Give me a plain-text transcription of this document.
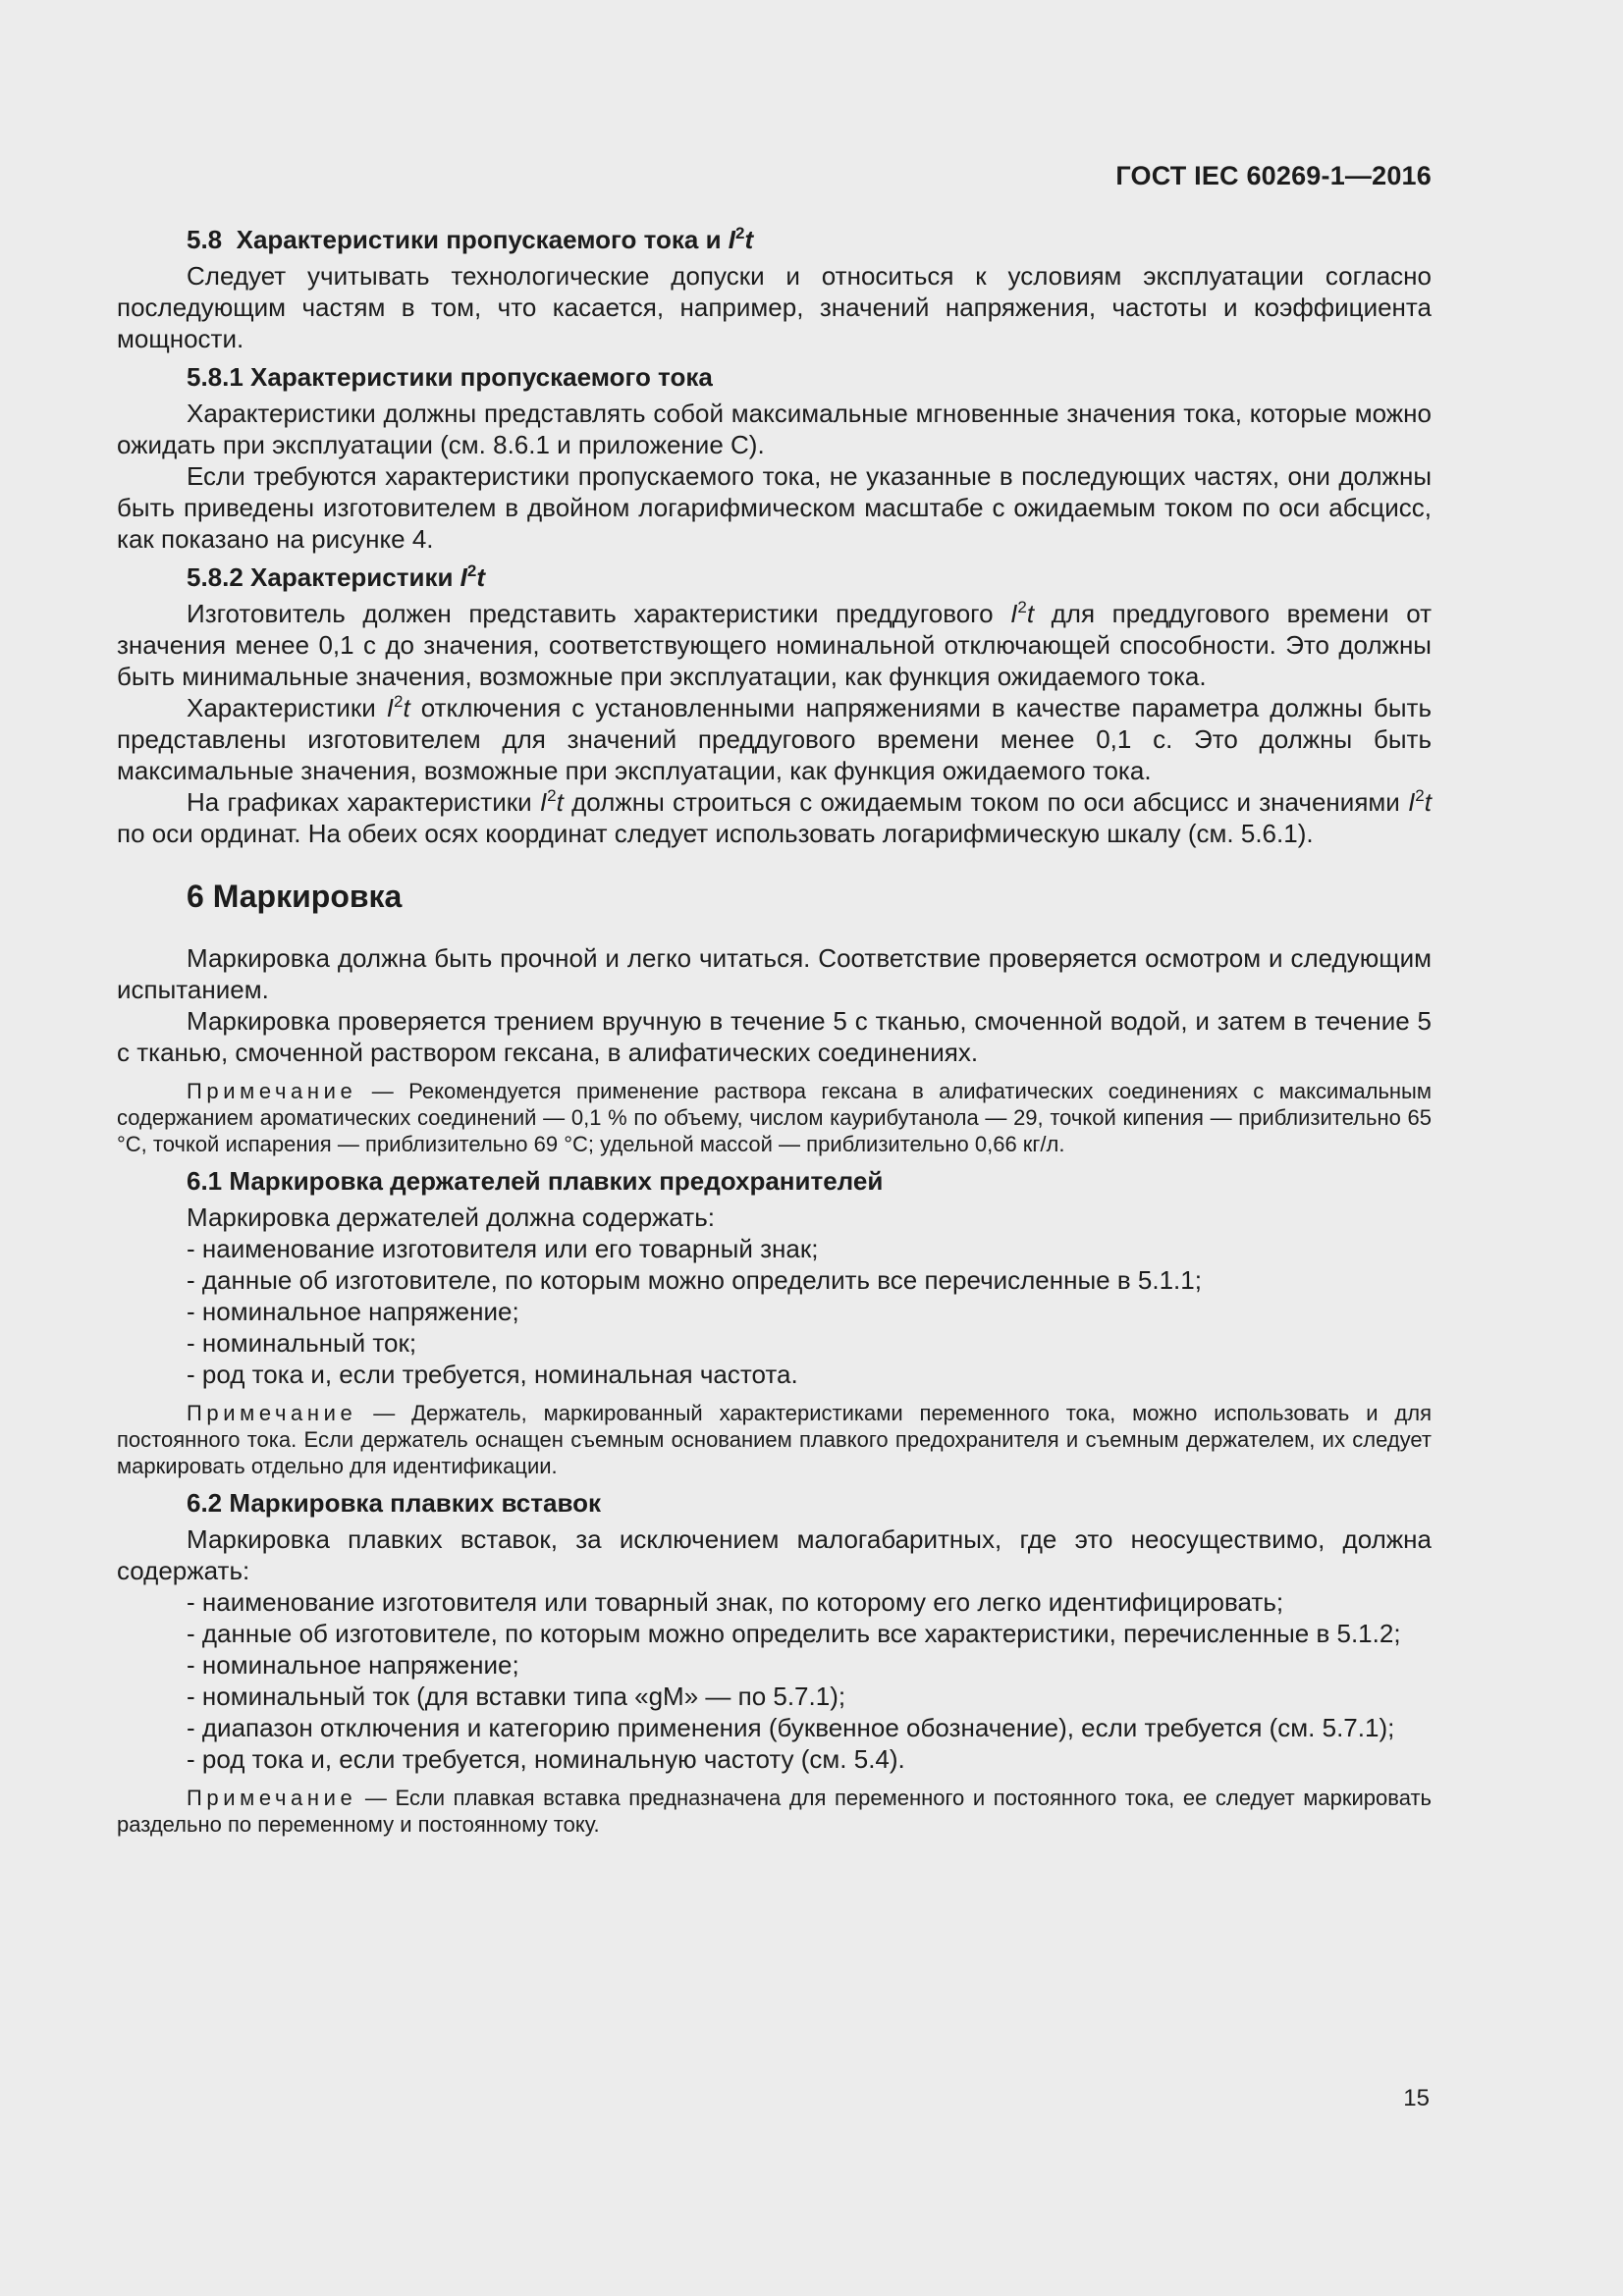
ГОСТ IEC 60269-1—2016
5.8 Характеристики пропускаемого тока и $I^2t$

Следует учитывать технологические допуски и относиться к условиям эксплуатации согласно последующим частям в том, что касается, например, значений напряжения, частоты и коэффициента мощности.

5.8.1 Характеристики пропускаемого тока

Характеристики должны представлять собой максимальные мгновенные значения тока, которые можно ожидать при эксплуатации (см. 8.6.1 и приложение С).

Если требуются характеристики пропускаемого тока, не указанные в последующих частях, они должны быть приведены изготовителем в двойном логарифмическом масштабе с ожидаемым током по оси абсцисс, как показано на рисунке 4.

5.8.2 Характеристики $I^2t$

Изготовитель должен представить характеристики преддугового $I^2t$ для преддугового времени от значения менее 0,1 с до значения, соответствующего номинальной отключающей способности. Это должны быть минимальные значения, возможные при эксплуатации, как функция ожидаемого тока.

Характеристики $I^2t$ отключения с установленными напряжениями в качестве параметра должны быть представлены изготовителем для значений преддугового времени менее 0,1 с. Это должны быть максимальные значения, возможные при эксплуатации, как функция ожидаемого тока.

На графиках характеристики $I^2t$ должны строиться с ожидаемым током по оси абсцисс и значениями $I^2t$ по оси ординат. На обеих осях координат следует использовать логарифмическую шкалу (см. 5.6.1).

6 Маркировка

Маркировка должна быть прочной и легко читаться. Соответствие проверяется осмотром и следующим испытанием.

Маркировка проверяется трением вручную в течение 5 с тканью, смоченной водой, и затем в течение 5 с тканью, смоченной раствором гексана, в алифатических соединениях.

Примечание — Рекомендуется применение раствора гексана в алифатических соединениях с максимальным содержанием ароматических соединений — 0,1 % по объему, числом каурибутанола — 29, точкой кипения — приблизительно 65 °С, точкой испарения — приблизительно 69 °С; удельной массой — приблизительно 0,66 кг/л.

6.1 Маркировка держателей плавких предохранителей

Маркировка держателей должна содержать:

- наименование изготовителя или его товарный знак;

- данные об изготовителе, по которым можно определить все перечисленные в 5.1.1;

- номинальное напряжение;

- номинальный ток;

- род тока и, если требуется, номинальная частота.

Примечание — Держатель, маркированный характеристиками переменного тока, можно использовать и для постоянного тока. Если держатель оснащен съемным основанием плавкого предохранителя и съемным держателем, их следует маркировать отдельно для идентификации.

6.2 Маркировка плавких вставок

Маркировка плавких вставок, за исключением малогабаритных, где это неосуществимо, должна содержать:

- наименование изготовителя или товарный знак, по которому его легко идентифицировать;

- данные об изготовителе, по которым можно определить все характеристики, перечисленные в 5.1.2;

- номинальное напряжение;

- номинальный ток (для вставки типа «gM» — по 5.7.1);

- диапазон отключения и категорию применения (буквенное обозначение), если требуется (см. 5.7.1);

- род тока и, если требуется, номинальную частоту (см. 5.4).

Примечание — Если плавкая вставка предназначена для переменного и постоянного тока, ее следует маркировать раздельно по переменному и постоянному току.

15
